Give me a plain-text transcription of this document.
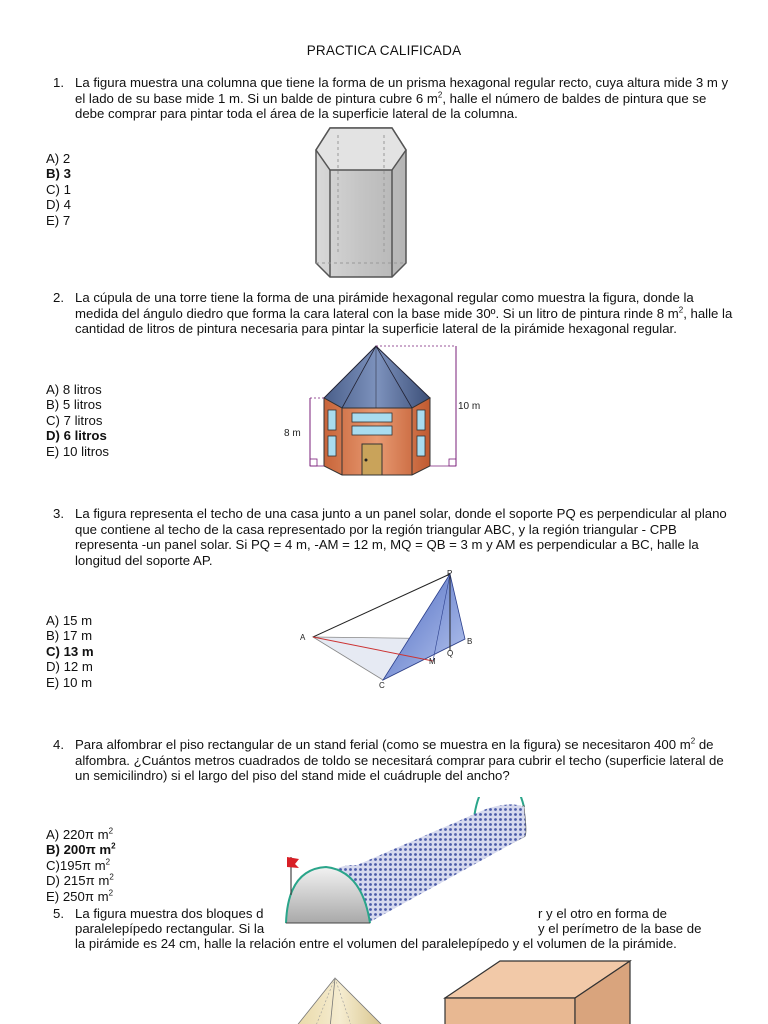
PRACTICA CALIFICADA
1. La figura muestra una columna que tiene la forma de un prisma hexagonal regular recto, cuya altura mide 3 m y el lado de su base mide 1 m. Si un balde de pintura cubre 6 $m^2$, halle el número de baldes de pintura que se debe comprar para pintar toda el área de la superficie lateral de la columna.
A) 2
B) 3
C) 1
D) 4
E) 7
2. La cúpula de una torre tiene la forma de una pirámide hexagonal regular como muestra la figura, donde la medida del ángulo diedro que forma la cara lateral con la base mide 30º. Si un litro de pintura rinde 8 $m^2$, halle la cantidad de litros de pintura necesaria para pintar la superficie lateral de la pirámide hexagonal regular.
A) 8 litros
B) 5 litros
C) 7 litros
D) 6 litros
E) 10 litros
8 m
10 m
3. La figura representa el techo de una casa junto a un panel solar, donde el soporte PQ es perpendicular al plano que contiene al techo de la casa representado por la región triangular ABC, y la región triangular - CPB representa -un panel solar. Si PQ = 4 m, -AM = 12 m, MQ = QB = 3 m y AM es perpendicular a BC, halle la longitud del soporte AP.
A) 15 m
B) 17 m
C) 13 m
D) 12 m
E) 10 m
P
A	B
C
M
Q
4. Para alfombrar el piso rectangular de un stand ferial (como se muestra en la figura) se necesitaron 400 $m^2$ de alfombra. ¿Cuántos metros cuadrados de toldo se necesitará comprar para cubrir el techo (superficie lateral de un semicilindro) si el largo del piso del stand mide el cuádruple del ancho?
A) 220π $m^2$
B) 200π $m^2$
C)195π $m^2$
D) 215π $m^2$
E) 250π $m^2$
5. La figura muestra dos bloques d	r y el otro en forma de
paralelepípedo rectangular. Si la	y el perímetro de la base de
la pirámide es 24 cm, halle la relación entre el volumen del paralelepípedo y el volumen de la pirámide.
